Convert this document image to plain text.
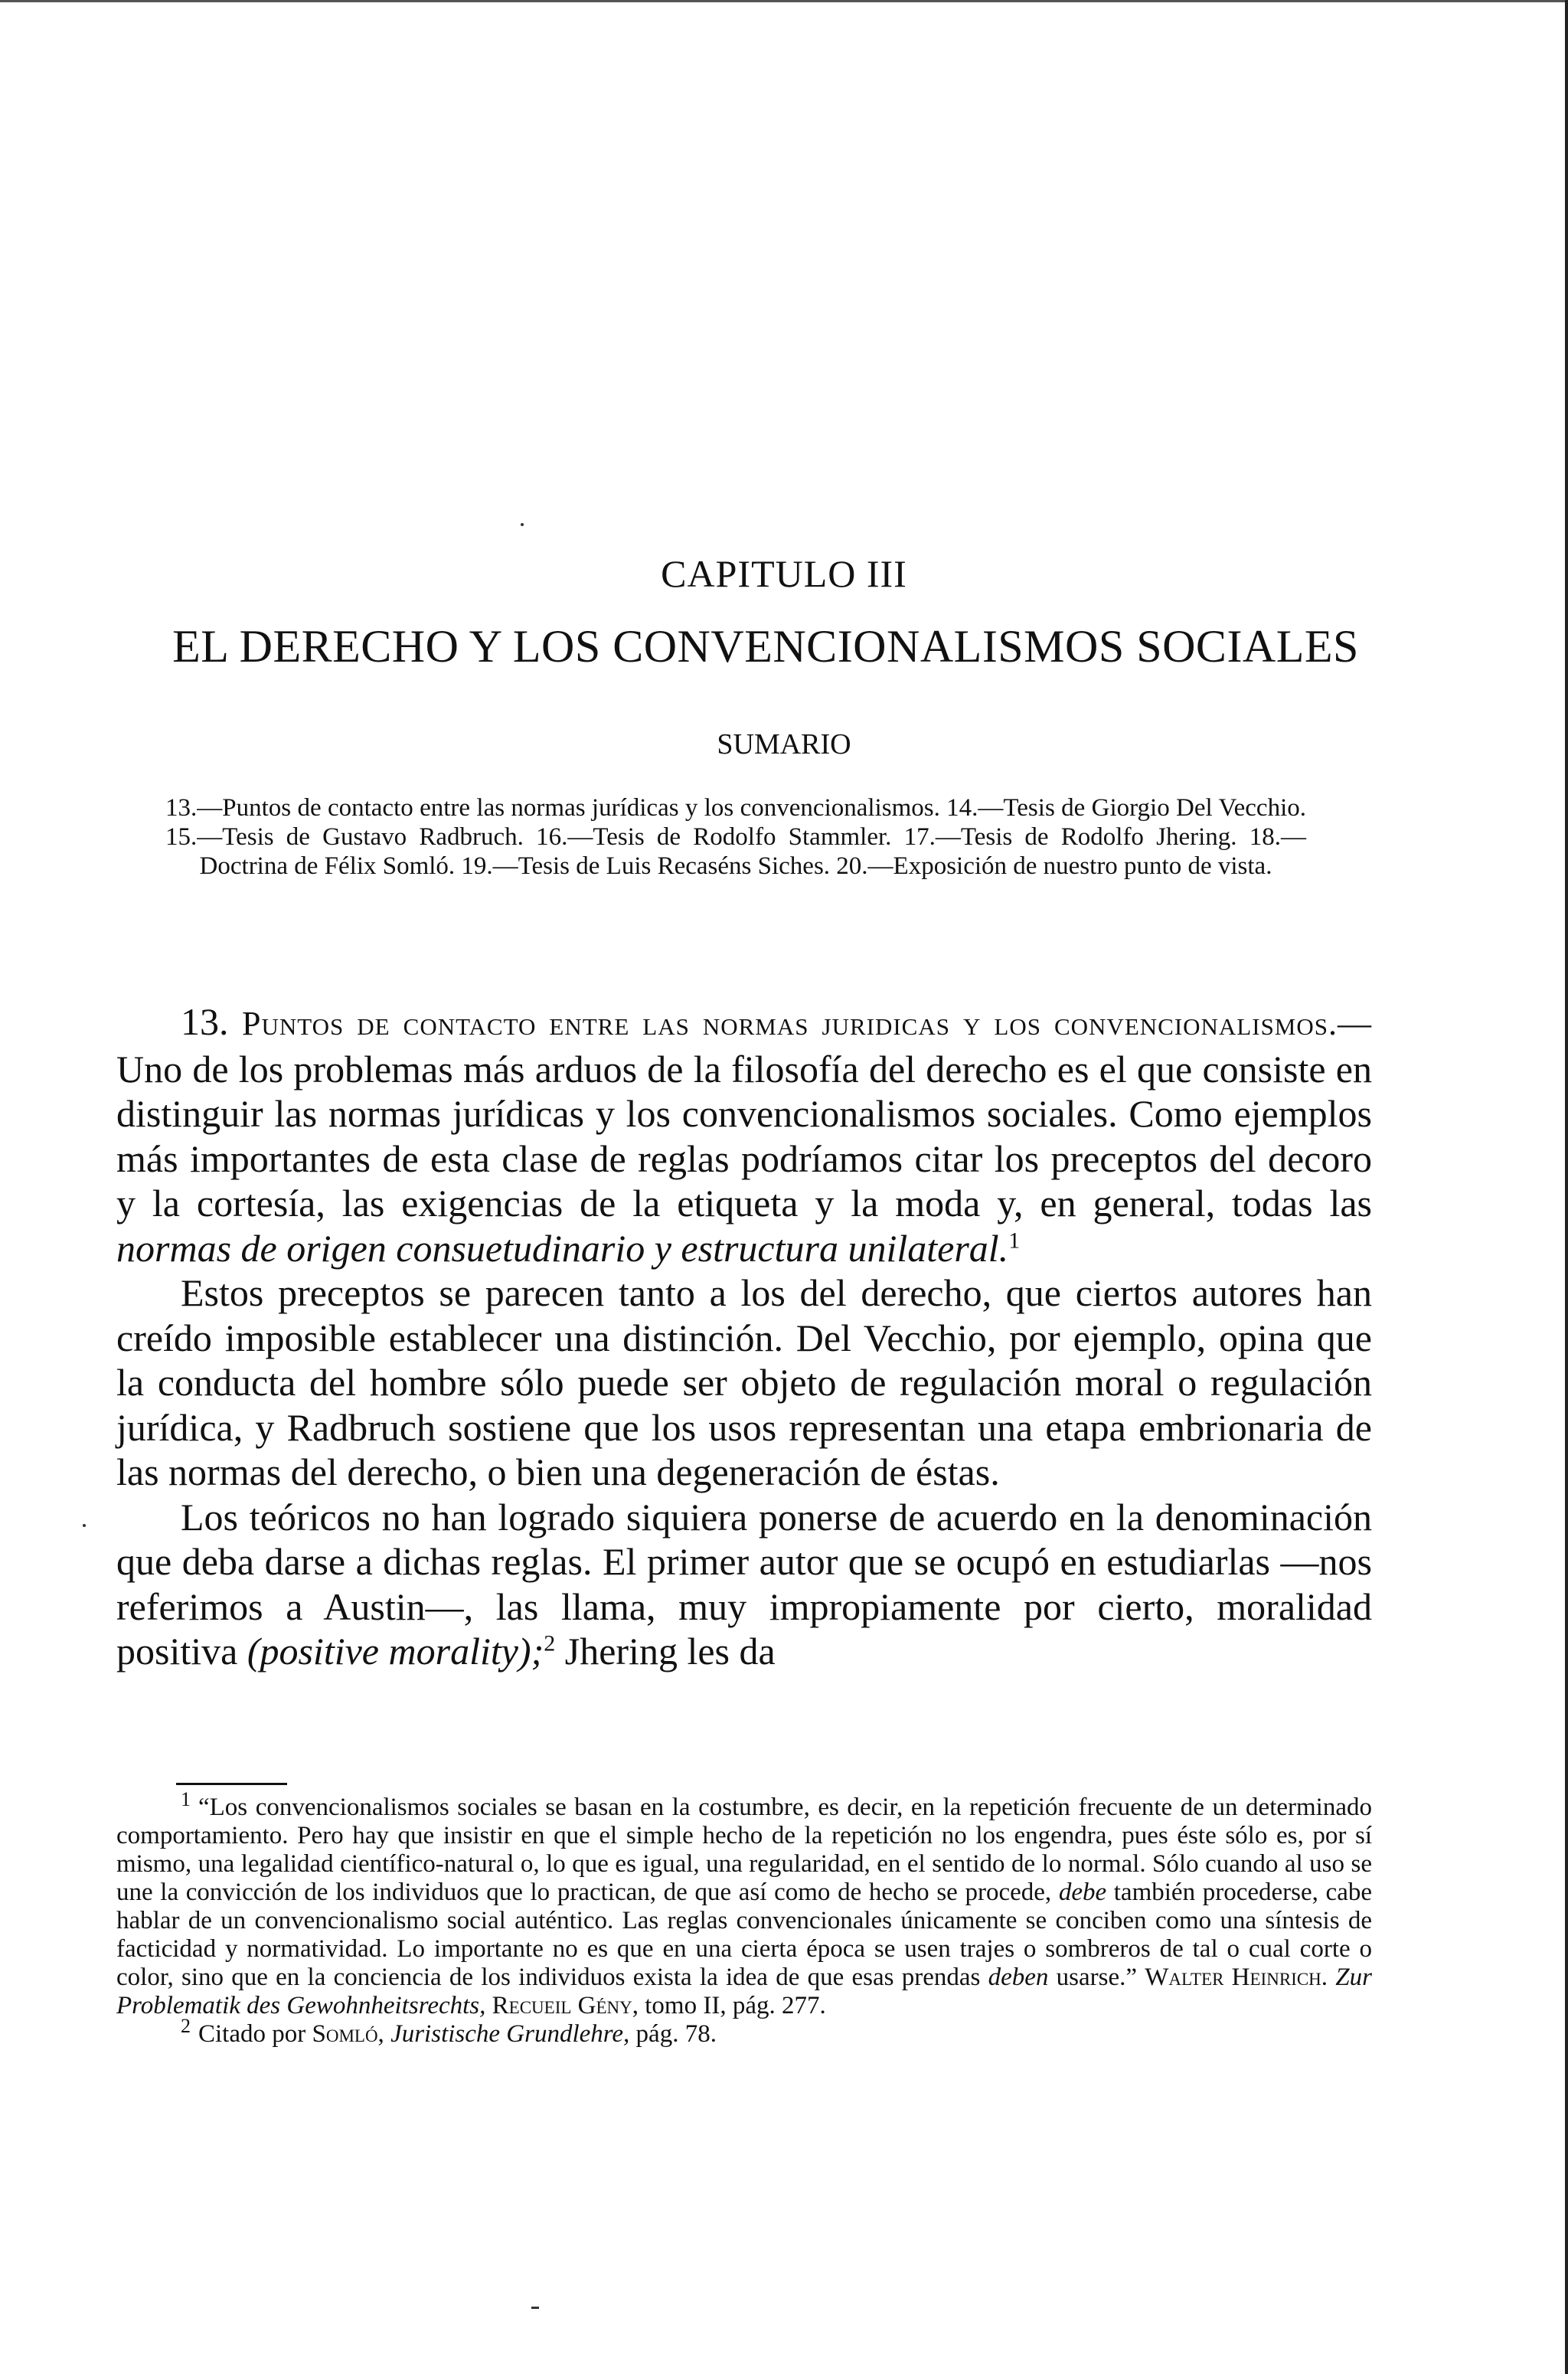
CAPITULO III
EL DERECHO Y LOS CONVENCIONALISMOS SOCIALES
SUMARIO
13.—Puntos de contacto entre las normas jurídicas y los convencionalismos. 14.—Tesis de Giorgio Del Vecchio. 15.—Tesis de Gustavo Radbruch. 16.—Tesis de Rodolfo Stammler. 17.—Tesis de Rodolfo Jhering. 18.—Doctrina de Félix Somló. 19.—Tesis de Luis Recaséns Siches. 20.—Exposición de nuestro punto de vista.

13. Puntos de contacto entre las normas juridicas y los convencionalismos.—Uno de los problemas más arduos de la filosofía del derecho es el que consiste en distinguir las normas jurídicas y los convencionalismos sociales. Como ejemplos más importantes de esta clase de reglas podríamos citar los preceptos del decoro y la cortesía, las exigencias de la etiqueta y la moda y, en general, todas las normas de origen consuetudinario y estructura unilateral.$^1$

Estos preceptos se parecen tanto a los del derecho, que ciertos autores han creído imposible establecer una distinción. Del Vecchio, por ejemplo, opina que la conducta del hombre sólo puede ser objeto de regulación moral o regulación jurídica, y Radbruch sostiene que los usos representan una etapa embrionaria de las normas del derecho, o bien una degeneración de éstas.

Los teóricos no han logrado siquiera ponerse de acuerdo en la denominación que deba darse a dichas reglas. El primer autor que se ocupó en estudiarlas —nos referimos a Austin—, las llama, muy impropiamente por cierto, moralidad positiva (positive morality);$^2$ Jhering les da

$^1$ “Los convencionalismos sociales se basan en la costumbre, es decir, en la repetición frecuente de un determinado comportamiento. Pero hay que insistir en que el simple hecho de la repetición no los engendra, pues éste sólo es, por sí mismo, una legalidad científico-natural o, lo que es igual, una regularidad, en el sentido de lo normal. Sólo cuando al uso se une la convicción de los individuos que lo practican, de que así como de hecho se procede, debe también procederse, cabe hablar de un convencionalismo social auténtico. Las reglas convencionales únicamente se conciben como una síntesis de facticidad y normatividad. Lo importante no es que en una cierta época se usen trajes o sombreros de tal o cual corte o color, sino que en la conciencia de los individuos exista la idea de que esas prendas deben usarse.” Walter Heinrich. Zur Problematik des Gewohnheitsrechts, Recueil Gény, tomo II, pág. 277.

$^2$ Citado por Somló, Juristische Grundlehre, pág. 78.
